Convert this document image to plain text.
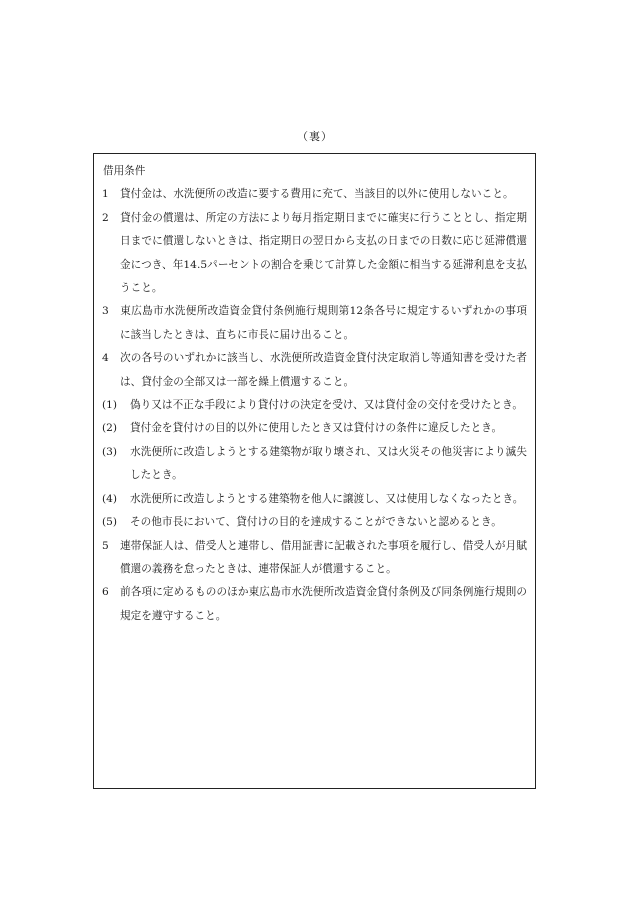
（裏）
借用条件
1 貸付金は、水洗便所の改造に要する費用に充て、当該目的以外に使用しないこと。
2 貸付金の償還は、所定の方法により毎月指定期日までに確実に行うこととし、指定期日までに償還しないときは、指定期日の翌日から支払の日までの日数に応じ延滞償還金につき、年14.5パーセントの割合を乗じて計算した金額に相当する延滞利息を支払うこと。
3 東広島市水洗便所改造資金貸付条例施行規則第12条各号に規定するいずれかの事項に該当したときは、直ちに市長に届け出ること。
4 次の各号のいずれかに該当し、水洗便所改造資金貸付決定取消し等通知書を受けた者は、貸付金の全部又は一部を繰上償還すること。
(1) 偽り又は不正な手段により貸付けの決定を受け、又は貸付金の交付を受けたとき。
(2) 貸付金を貸付けの目的以外に使用したとき又は貸付けの条件に違反したとき。
(3) 水洗便所に改造しようとする建築物が取り壊され、又は火災その他災害により滅失したとき。
(4) 水洗便所に改造しようとする建築物を他人に譲渡し、又は使用しなくなったとき。
(5) その他市長において、貸付けの目的を達成することができないと認めるとき。
5 連帯保証人は、借受人と連帯し、借用証書に記載された事項を履行し、借受人が月賦償還の義務を怠ったときは、連帯保証人が償還すること。
6 前各項に定めるもののほか東広島市水洗便所改造資金貸付条例及び同条例施行規則の規定を遵守すること。
